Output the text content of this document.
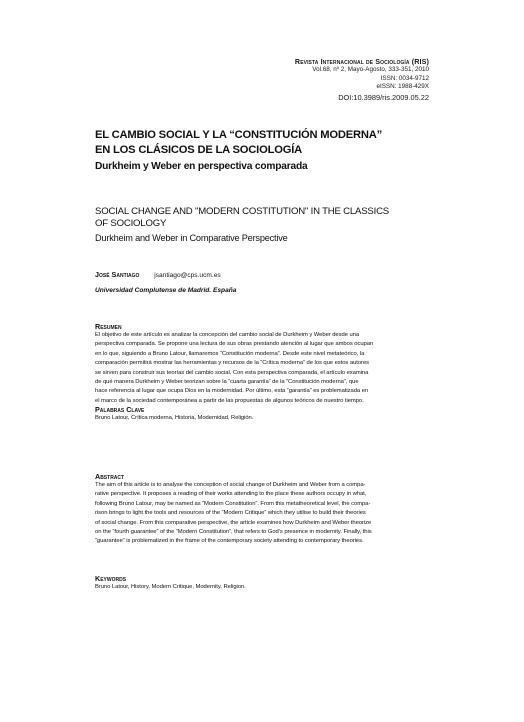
Revista Internacional de Sociología (RIS)
Vol.68, nº 2, Mayo-Agosto, 333-351, 2010
ISSN: 0034-9712
eISSN: 1988-429X
DOI:10.3989/ris.2009.05.22
EL CAMBIO SOCIAL Y LA “CONSTITUCIÓN MODERNA”
EN LOS CLÁSICOS DE LA SOCIOLOGÍA
Durkheim y Weber en perspectiva comparada
SOCIAL CHANGE AND "MODERN COSTITUTION" IN THE CLASSICS
OF SOCIOLOGY
Durkheim and Weber in Comparative Perspective
José Santiago jsantiago@cps.ucm.es
Universidad Complutense de Madrid. España
Resumen
El objetivo de este artículo es analizar la concepción del cambio social de Durkheim y Weber desde una
perspectiva comparada. Se propone una lectura de sus obras prestando atención al lugar que ambos ocupan
en lo que, siguiendo a Bruno Latour, llamaremos “Constitución moderna”. Desde este nivel metateórico, la
comparación permitirá mostrar las herramientas y recursos de la “Crítica moderna” de los que estos autores
se sirven para construir sus teorías del cambio social. Con esta perspectiva comparada, el artículo examina
de qué manera Durkheim y Weber teorizan sobre la “cuarta garantía” de la “Constitución moderna”, que
hace referencia al lugar que ocupa Dios en la modernidad. Por último, esta “garantía” es problematizada en
el marco de la sociedad contemporánea a partir de las propuestas de algunos teóricos de nuestro tiempo.
Palabras Clave
Bruno Latour, Crítica moderna, Historia, Modernidad, Religión.
Abstract
The aim of this article is to analyse the conception of social change of Durkheim and Weber from a compa-
rative perspective. It proposes a reading of their works attending to the place these authors occupy in what,
following Bruno Latour, may be named as “Modern Constitution”. From this metatheoretical level, the compa-
rison brings to light the tools and resources of the “Modern Critique” which they utilise to build their theories
of social change. From this comparative perspective, the article examines how Durkheim and Weber theorize
on the “fourth guarantee” of the “Modern Constitution”, that refers to God’s presence in modernity. Finally, this
“guarantee” is problematized in the frame of the contemporary society attending to contemporary theories.
Keywords
Bruno Latour, History, Modern Critique, Modernity, Religion.
